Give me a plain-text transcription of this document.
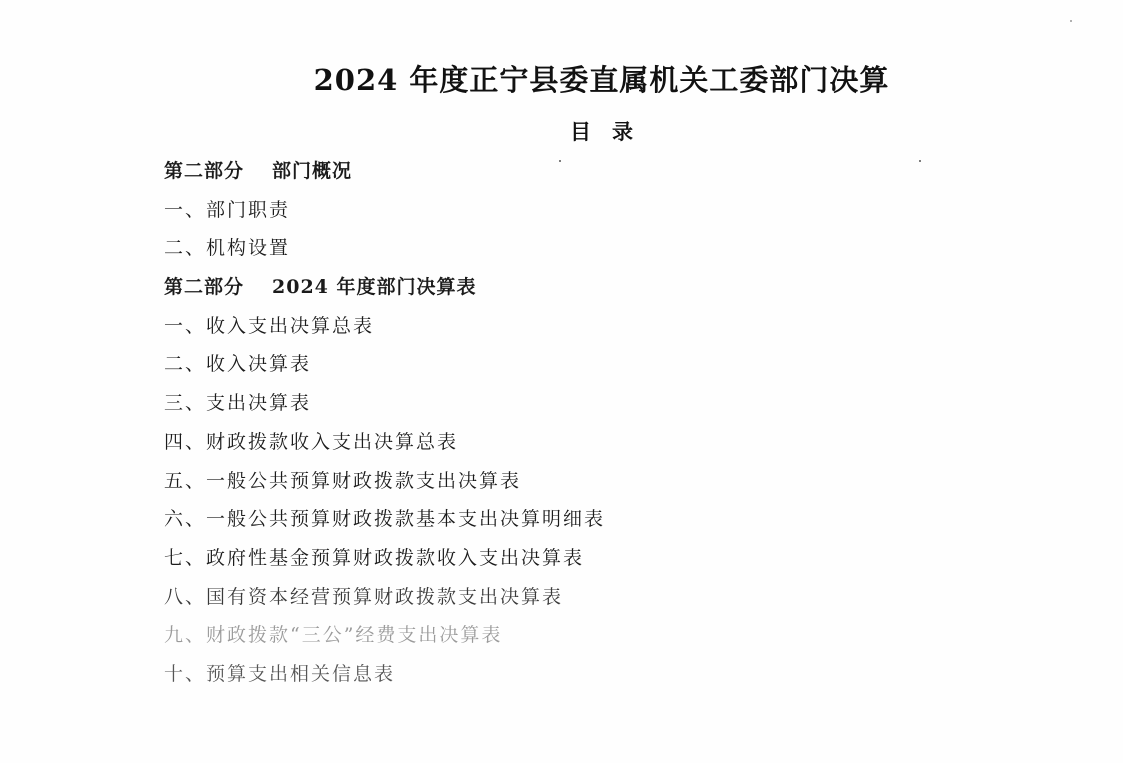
2024 年度正宁县委直属机关工委部门决算
目　录
第二部分 部门概况
一、部门职责
二、机构设置
第二部分 2024 年度部门决算表
一、收入支出决算总表
二、收入决算表
三、支出决算表
四、财政拨款收入支出决算总表
五、一般公共预算财政拨款支出决算表
六、一般公共预算财政拨款基本支出决算明细表
七、政府性基金预算财政拨款收入支出决算表
八、国有资本经营预算财政拨款支出决算表
九、财政拨款“三公”经费支出决算表
十、预算支出相关信息表
